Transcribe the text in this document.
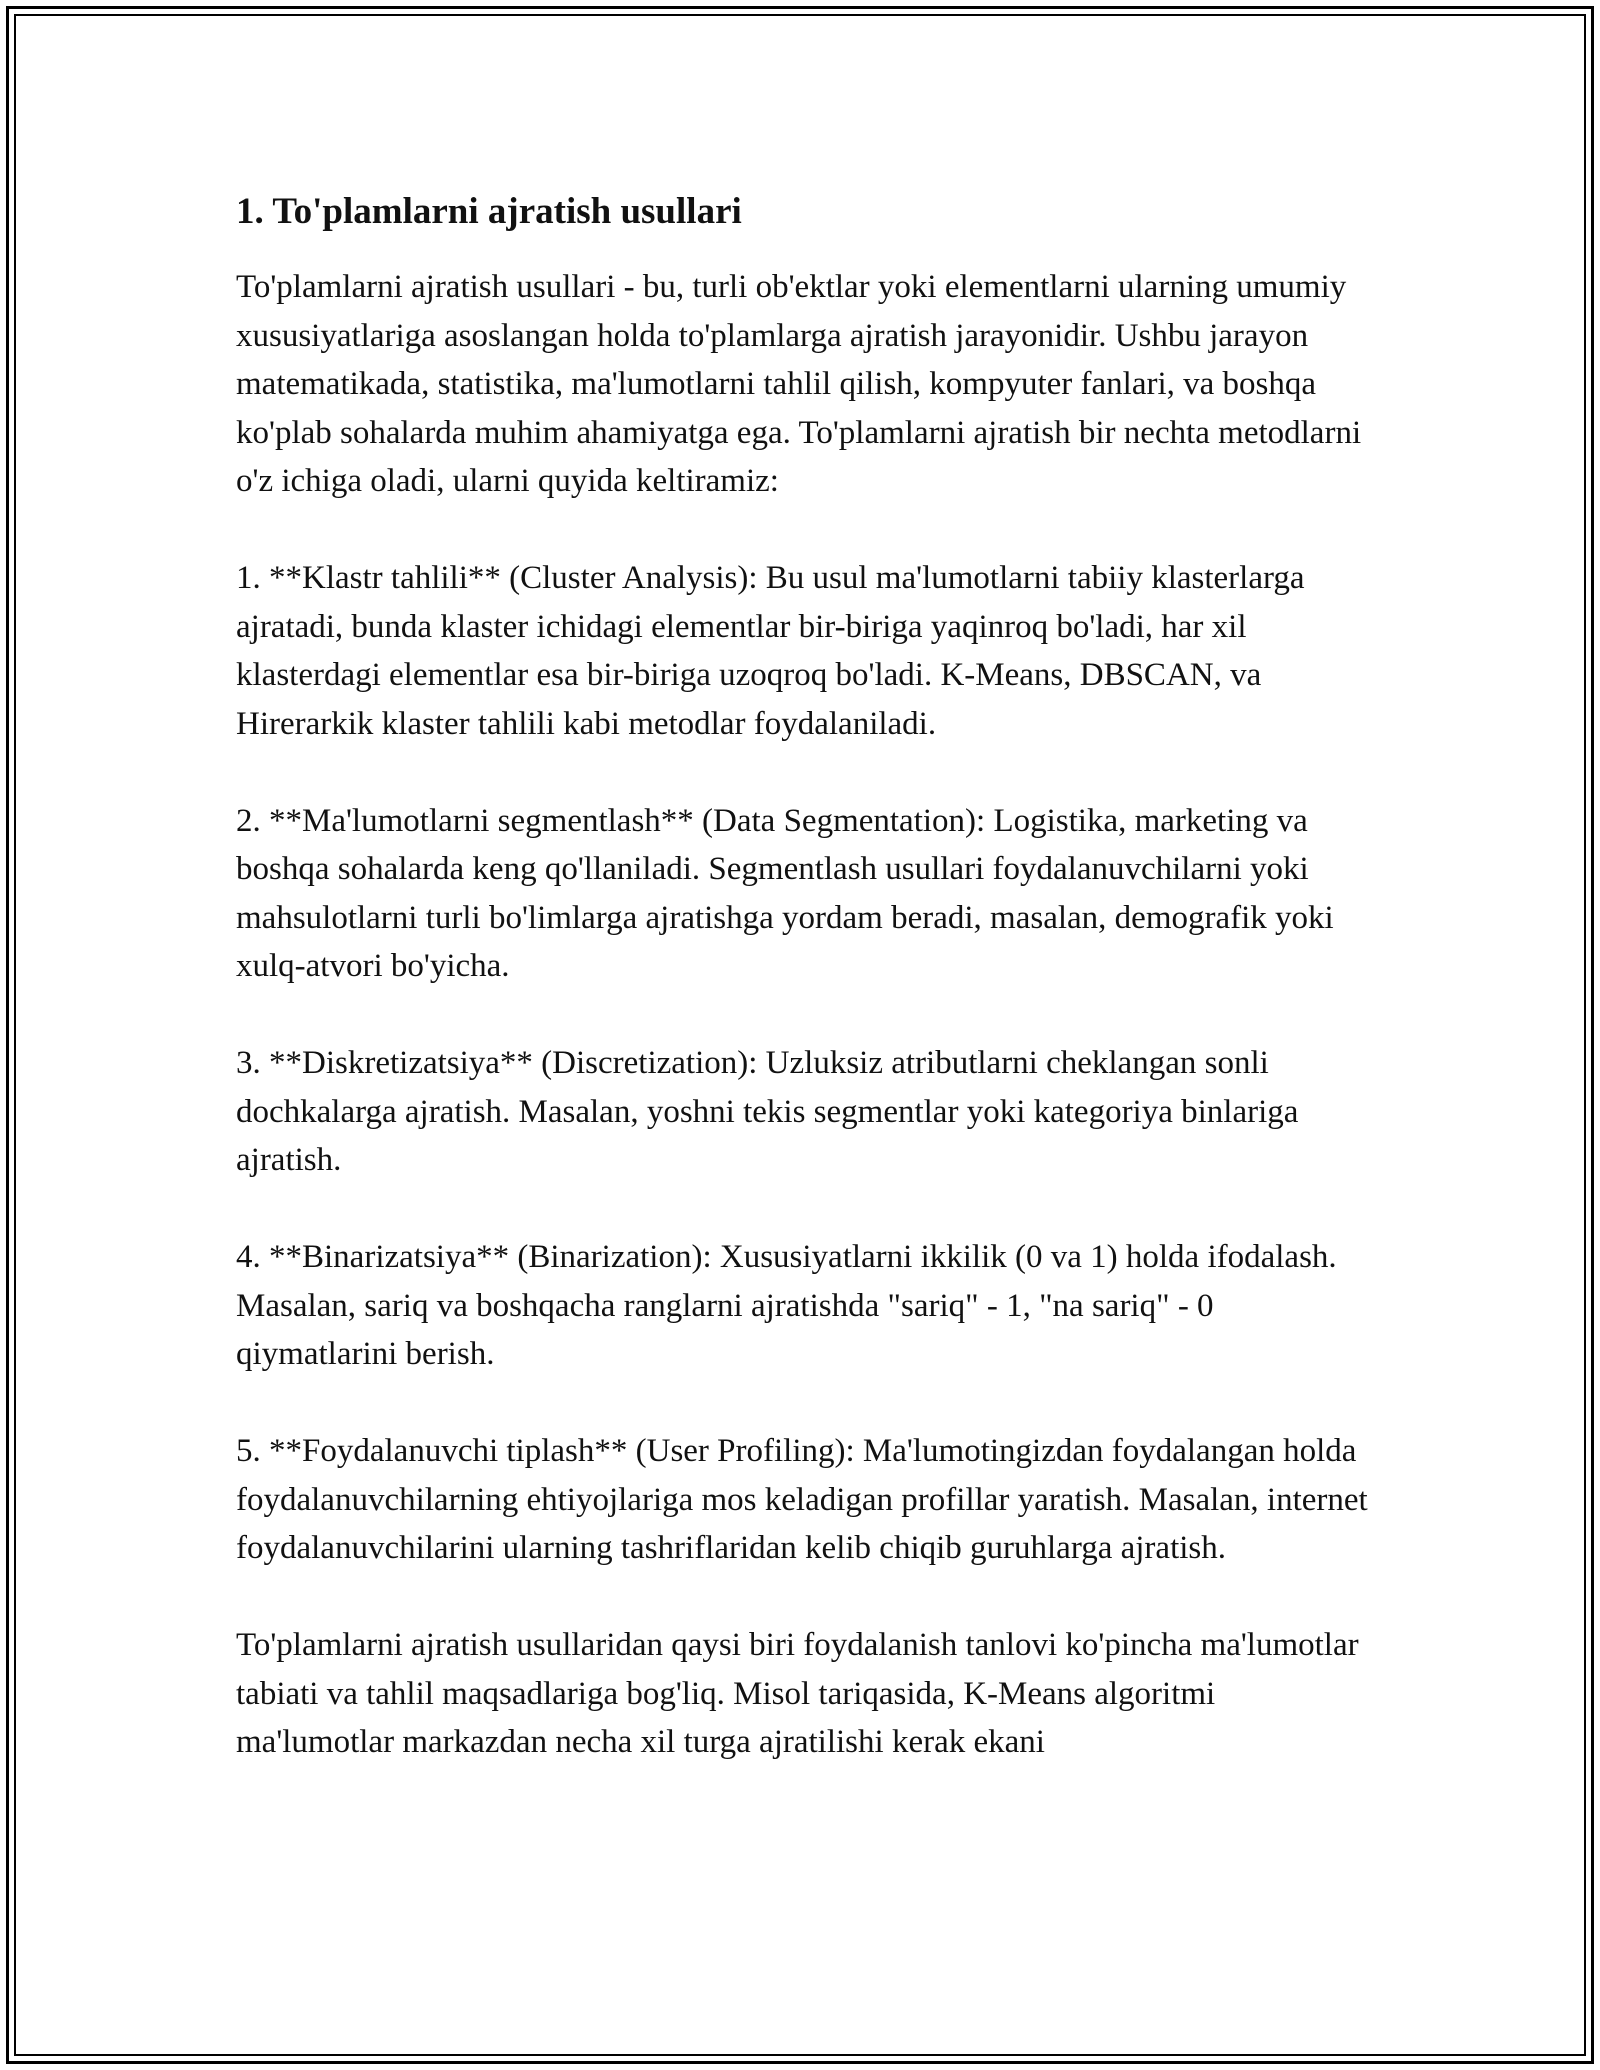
1. To'plamlarni ajratish usullari

To'plamlarni ajratish usullari - bu, turli ob'ektlar yoki elementlarni ularning umumiy xususiyatlariga asoslangan holda to'plamlarga ajratish jarayonidir. Ushbu jarayon matematikada, statistika, ma'lumotlarni tahlil qilish, kompyuter fanlari, va boshqa ko'plab sohalarda muhim ahamiyatga ega. To'plamlarni ajratish bir nechta metodlarni o'z ichiga oladi, ularni quyida keltiramiz:

1. **Klastr tahlili** (Cluster Analysis): Bu usul ma'lumotlarni tabiiy klasterlarga ajratadi, bunda klaster ichidagi elementlar bir-biriga yaqinroq bo'ladi, har xil klasterdagi elementlar esa bir-biriga uzoqroq bo'ladi. K-Means, DBSCAN, va Hirerarkik klaster tahlili kabi metodlar foydalaniladi.

2. **Ma'lumotlarni segmentlash** (Data Segmentation): Logistika, marketing va boshqa sohalarda keng qo'llaniladi. Segmentlash usullari foydalanuvchilarni yoki mahsulotlarni turli bo'limlarga ajratishga yordam beradi, masalan, demografik yoki xulq-atvori bo'yicha.

3. **Diskretizatsiya** (Discretization): Uzluksiz atributlarni cheklangan sonli dochkalarga ajratish. Masalan, yoshni tekis segmentlar yoki kategoriya binlariga ajratish.

4. **Binarizatsiya** (Binarization): Xususiyatlarni ikkilik (0 va 1) holda ifodalash. Masalan, sariq va boshqacha ranglarni ajratishda "sariq" - 1, "na sariq" - 0 qiymatlarini berish.

5. **Foydalanuvchi tiplash** (User Profiling): Ma'lumotingizdan foydalangan holda foydalanuvchilarning ehtiyojlariga mos keladigan profillar yaratish. Masalan, internet foydalanuvchilarini ularning tashriflaridan kelib chiqib guruhlarga ajratish.

To'plamlarni ajratish usullaridan qaysi biri foydalanish tanlovi ko'pincha ma'lumotlar tabiati va tahlil maqsadlariga bog'liq. Misol tariqasida, K-Means algoritmi ma'lumotlar markazdan necha xil turga ajratilishi kerak ekani
